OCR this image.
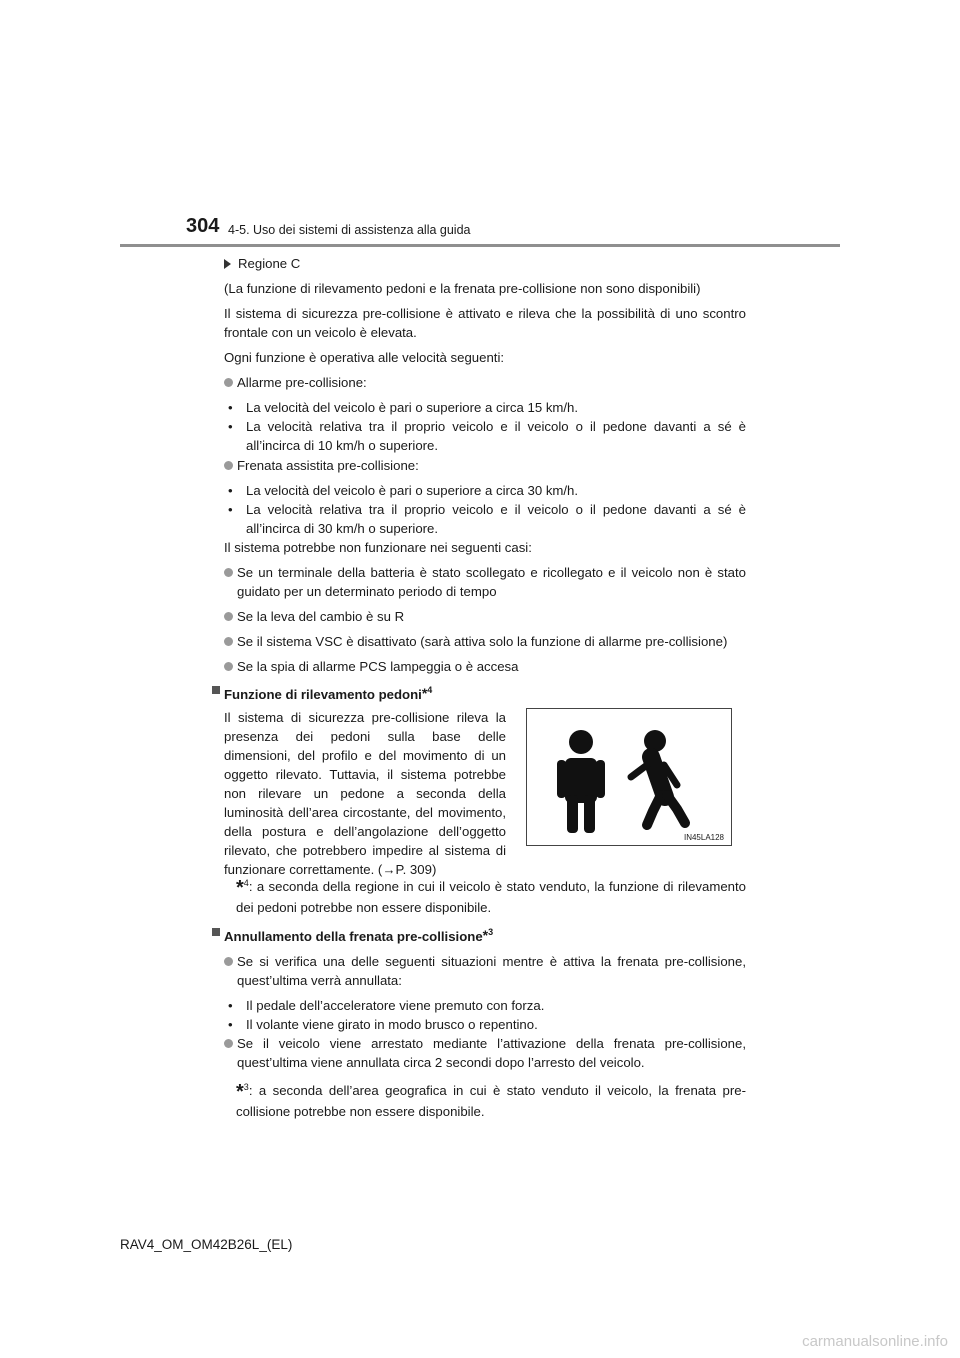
304 4-5. Uso dei sistemi di assistenza alla guida

Regione C

(La funzione di rilevamento pedoni e la frenata pre-collisione non sono disponibili)

Il sistema di sicurezza pre-collisione è attivato e rileva che la possibilità di uno scontro frontale con un veicolo è elevata.

Ogni funzione è operativa alle velocità seguenti:

Allarme pre-collisione:
• La velocità del veicolo è pari o superiore a circa 15 km/h.
• La velocità relativa tra il proprio veicolo e il veicolo o il pedone davanti a sé è all’incirca di 10 km/h o superiore.
Frenata assistita pre-collisione:
• La velocità del veicolo è pari o superiore a circa 30 km/h.
• La velocità relativa tra il proprio veicolo e il veicolo o il pedone davanti a sé è all’incirca di 30 km/h o superiore.

Il sistema potrebbe non funzionare nei seguenti casi:

Se un terminale della batteria è stato scollegato e ricollegato e il veicolo non è stato guidato per un determinato periodo di tempo
Se la leva del cambio è su R
Se il sistema VSC è disattivato (sarà attiva solo la funzione di allarme pre-collisione)
Se la spia di allarme PCS lampeggia o è accesa
Funzione di rilevamento pedoni*$^4$

Il sistema di sicurezza pre-collisione rileva la presenza dei pedoni sulla base delle dimensioni, del profilo e del movimento di un oggetto rilevato. Tuttavia, il sistema potrebbe non rilevare un pedone a seconda della luminosità dell’area circostante, del movimento, della postura e dell’angolazione dell’oggetto rilevato, che potrebbero impedire al sistema di funzionare correttamente. (→P. 309)

IN45LA128

*$^4$: a seconda della regione in cui il veicolo è stato venduto, la funzione di rilevamento dei pedoni potrebbe non essere disponibile.

Annullamento della frenata pre-collisione*$^3$
Se si verifica una delle seguenti situazioni mentre è attiva la frenata pre-collisione, quest’ultima verrà annullata:
• Il pedale dell’acceleratore viene premuto con forza.
• Il volante viene girato in modo brusco o repentino.
Se il veicolo viene arrestato mediante l’attivazione della frenata pre-collisione, quest’ultima viene annullata circa 2 secondi dopo l’arresto del veicolo.

*$^3$: a seconda dell’area geografica in cui è stato venduto il veicolo, la frenata pre-collisione potrebbe non essere disponibile.

RAV4_OM_OM42B26L_(EL)
carmanualsonline.info
